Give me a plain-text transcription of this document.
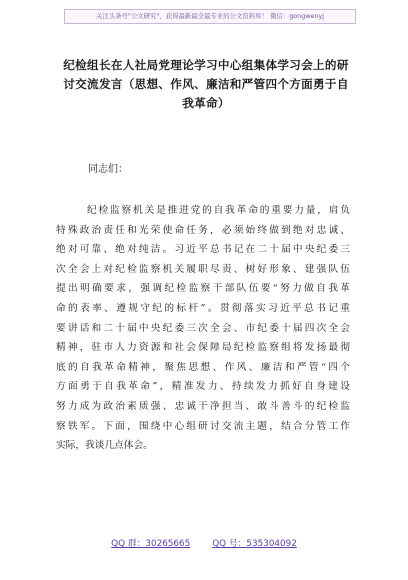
关注头条号"公文研究"，获得最新最全最专业的公文资料库！ 微信：gongwenyj
纪检组长在人社局党理论学习中心组集体学习会上的研讨交流发言（思想、作风、廉洁和严管四个方面勇于自我革命）

同志们：

纪检监察机关是推进党的自我革命的重要力量，肩负
特殊政治责任和光荣使命任务，必须始终做到绝对忠诚、
绝对可靠、绝对纯洁。习近平总书记在二十届中央纪委三
次全会上对纪检监察机关履职尽责、树好形象、建强队伍
提出明确要求，强调纪检监察干部队伍要“努力做自我革
命的表率、遵规守纪的标杆”。贯彻落实习近平总书记重
要讲话和二十届中央纪委三次全会、市纪委十届四次全会
精神，驻市人力资源和社会保障局纪检监察组将发扬最彻
底的自我革命精神，聚焦思想、作风、廉洁和严管“四个
方面勇于自我革命”，精准发力、持续发力抓好自身建设
努力成为政治素质强、忠诚干净担当、敢斗善斗的纪检监
察铁军。下面，围绕中心组研讨交流主题，结合分管工作
实际，我谈几点体会。
QQ 群：30265665	QQ 号：535304092
